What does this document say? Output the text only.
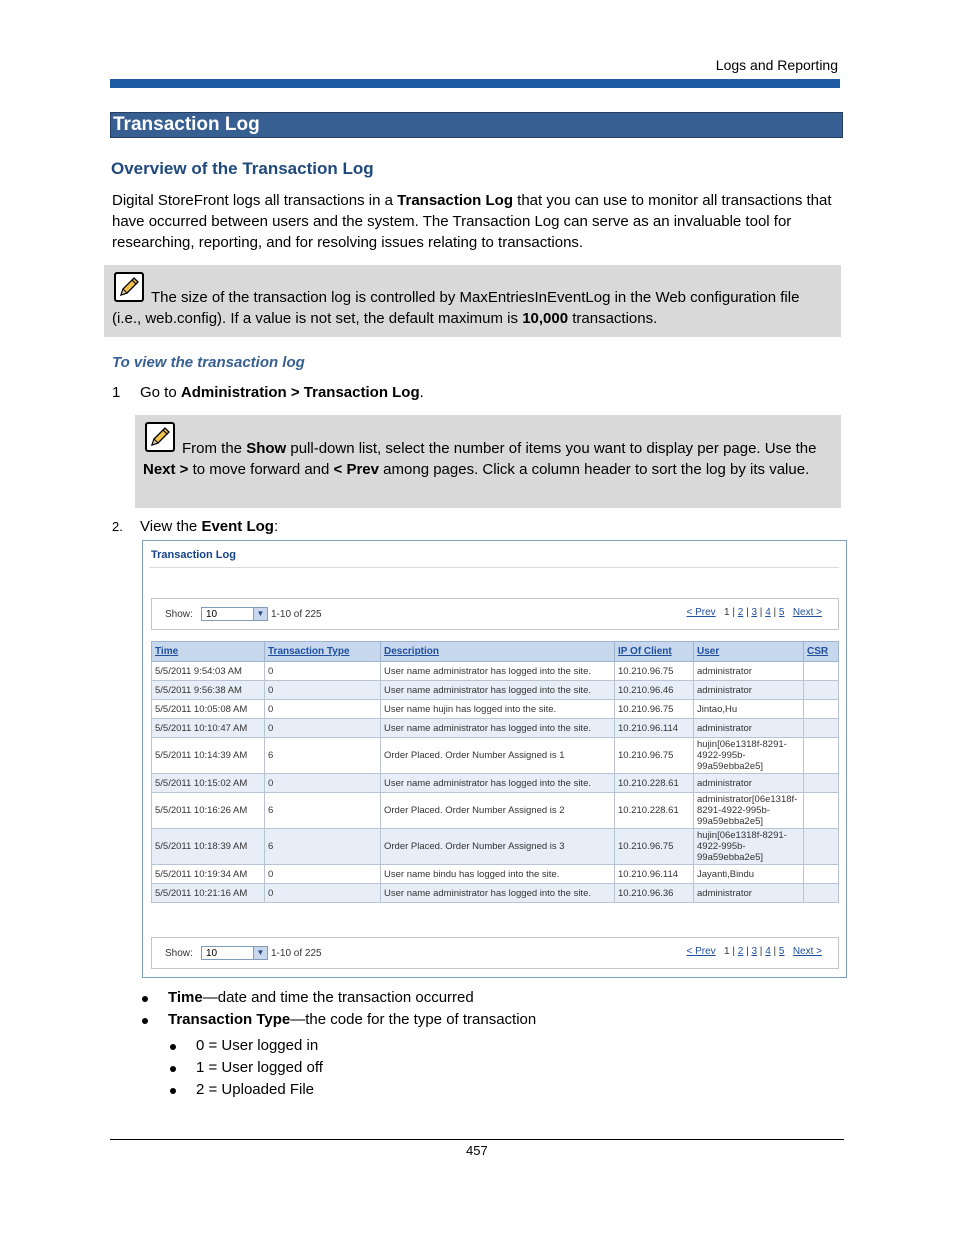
Logs and Reporting
Transaction Log
Overview of the Transaction Log
Digital StoreFront logs all transactions in a Transaction Log that you can use to monitor all transactions that have occurred between users and the system. The Transaction Log can serve as an invaluable tool for researching, reporting, and for resolving issues relating to transactions.
The size of the transaction log is controlled by MaxEntriesInEventLog in the Web configuration file (i.e., web.config). If a value is not set, the default maximum is 10,000 transactions.
To view the transaction log
1 Go to Administration > Transaction Log.
From the Show pull-down list, select the number of items you want to display per page. Use the Next > to move forward and < Prev among pages. Click a column header to sort the log by its value.
2. View the Event Log:
Transaction Log
Show: 10	▼ 1-10 of 225	< Prev 1 | 2 | 3 | 4 | 5 Next >
Time	Transaction Type	Description	IP Of Client	User	CSR
5/5/2011 9:54:03 AM	0	User name administrator has logged into the site.	10.210.96.75	administrator	
5/5/2011 9:56:38 AM	0	User name administrator has logged into the site.	10.210.96.46	administrator	
5/5/2011 10:05:08 AM	0	User name hujin has logged into the site.	10.210.96.75	Jintao,Hu	
5/5/2011 10:10:47 AM	0	User name administrator has logged into the site.	10.210.96.114	administrator	
5/5/2011 10:14:39 AM	6	Order Placed. Order Number Assigned is 1	10.210.96.75	hujin[06e1318f-8291-4922-995b-99a59ebba2e5]	
5/5/2011 10:15:02 AM	0	User name administrator has logged into the site.	10.210.228.61	administrator	
5/5/2011 10:16:26 AM	6	Order Placed. Order Number Assigned is 2	10.210.228.61	administrator[06e1318f-8291-4922-995b-99a59ebba2e5]	
5/5/2011 10:18:39 AM	6	Order Placed. Order Number Assigned is 3	10.210.96.75	hujin[06e1318f-8291-4922-995b-99a59ebba2e5]	
5/5/2011 10:19:34 AM	0	User name bindu has logged into the site.	10.210.96.114	Jayanti,Bindu	
5/5/2011 10:21:16 AM	0	User name administrator has logged into the site.	10.210.96.36	administrator	
Show: 10	▼ 1-10 of 225	< Prev 1 | 2 | 3 | 4 | 5 Next >
Time—date and time the transaction occurred
Transaction Type—the code for the type of transaction
0 = User logged in
1 = User logged off
2 = Uploaded File
457
